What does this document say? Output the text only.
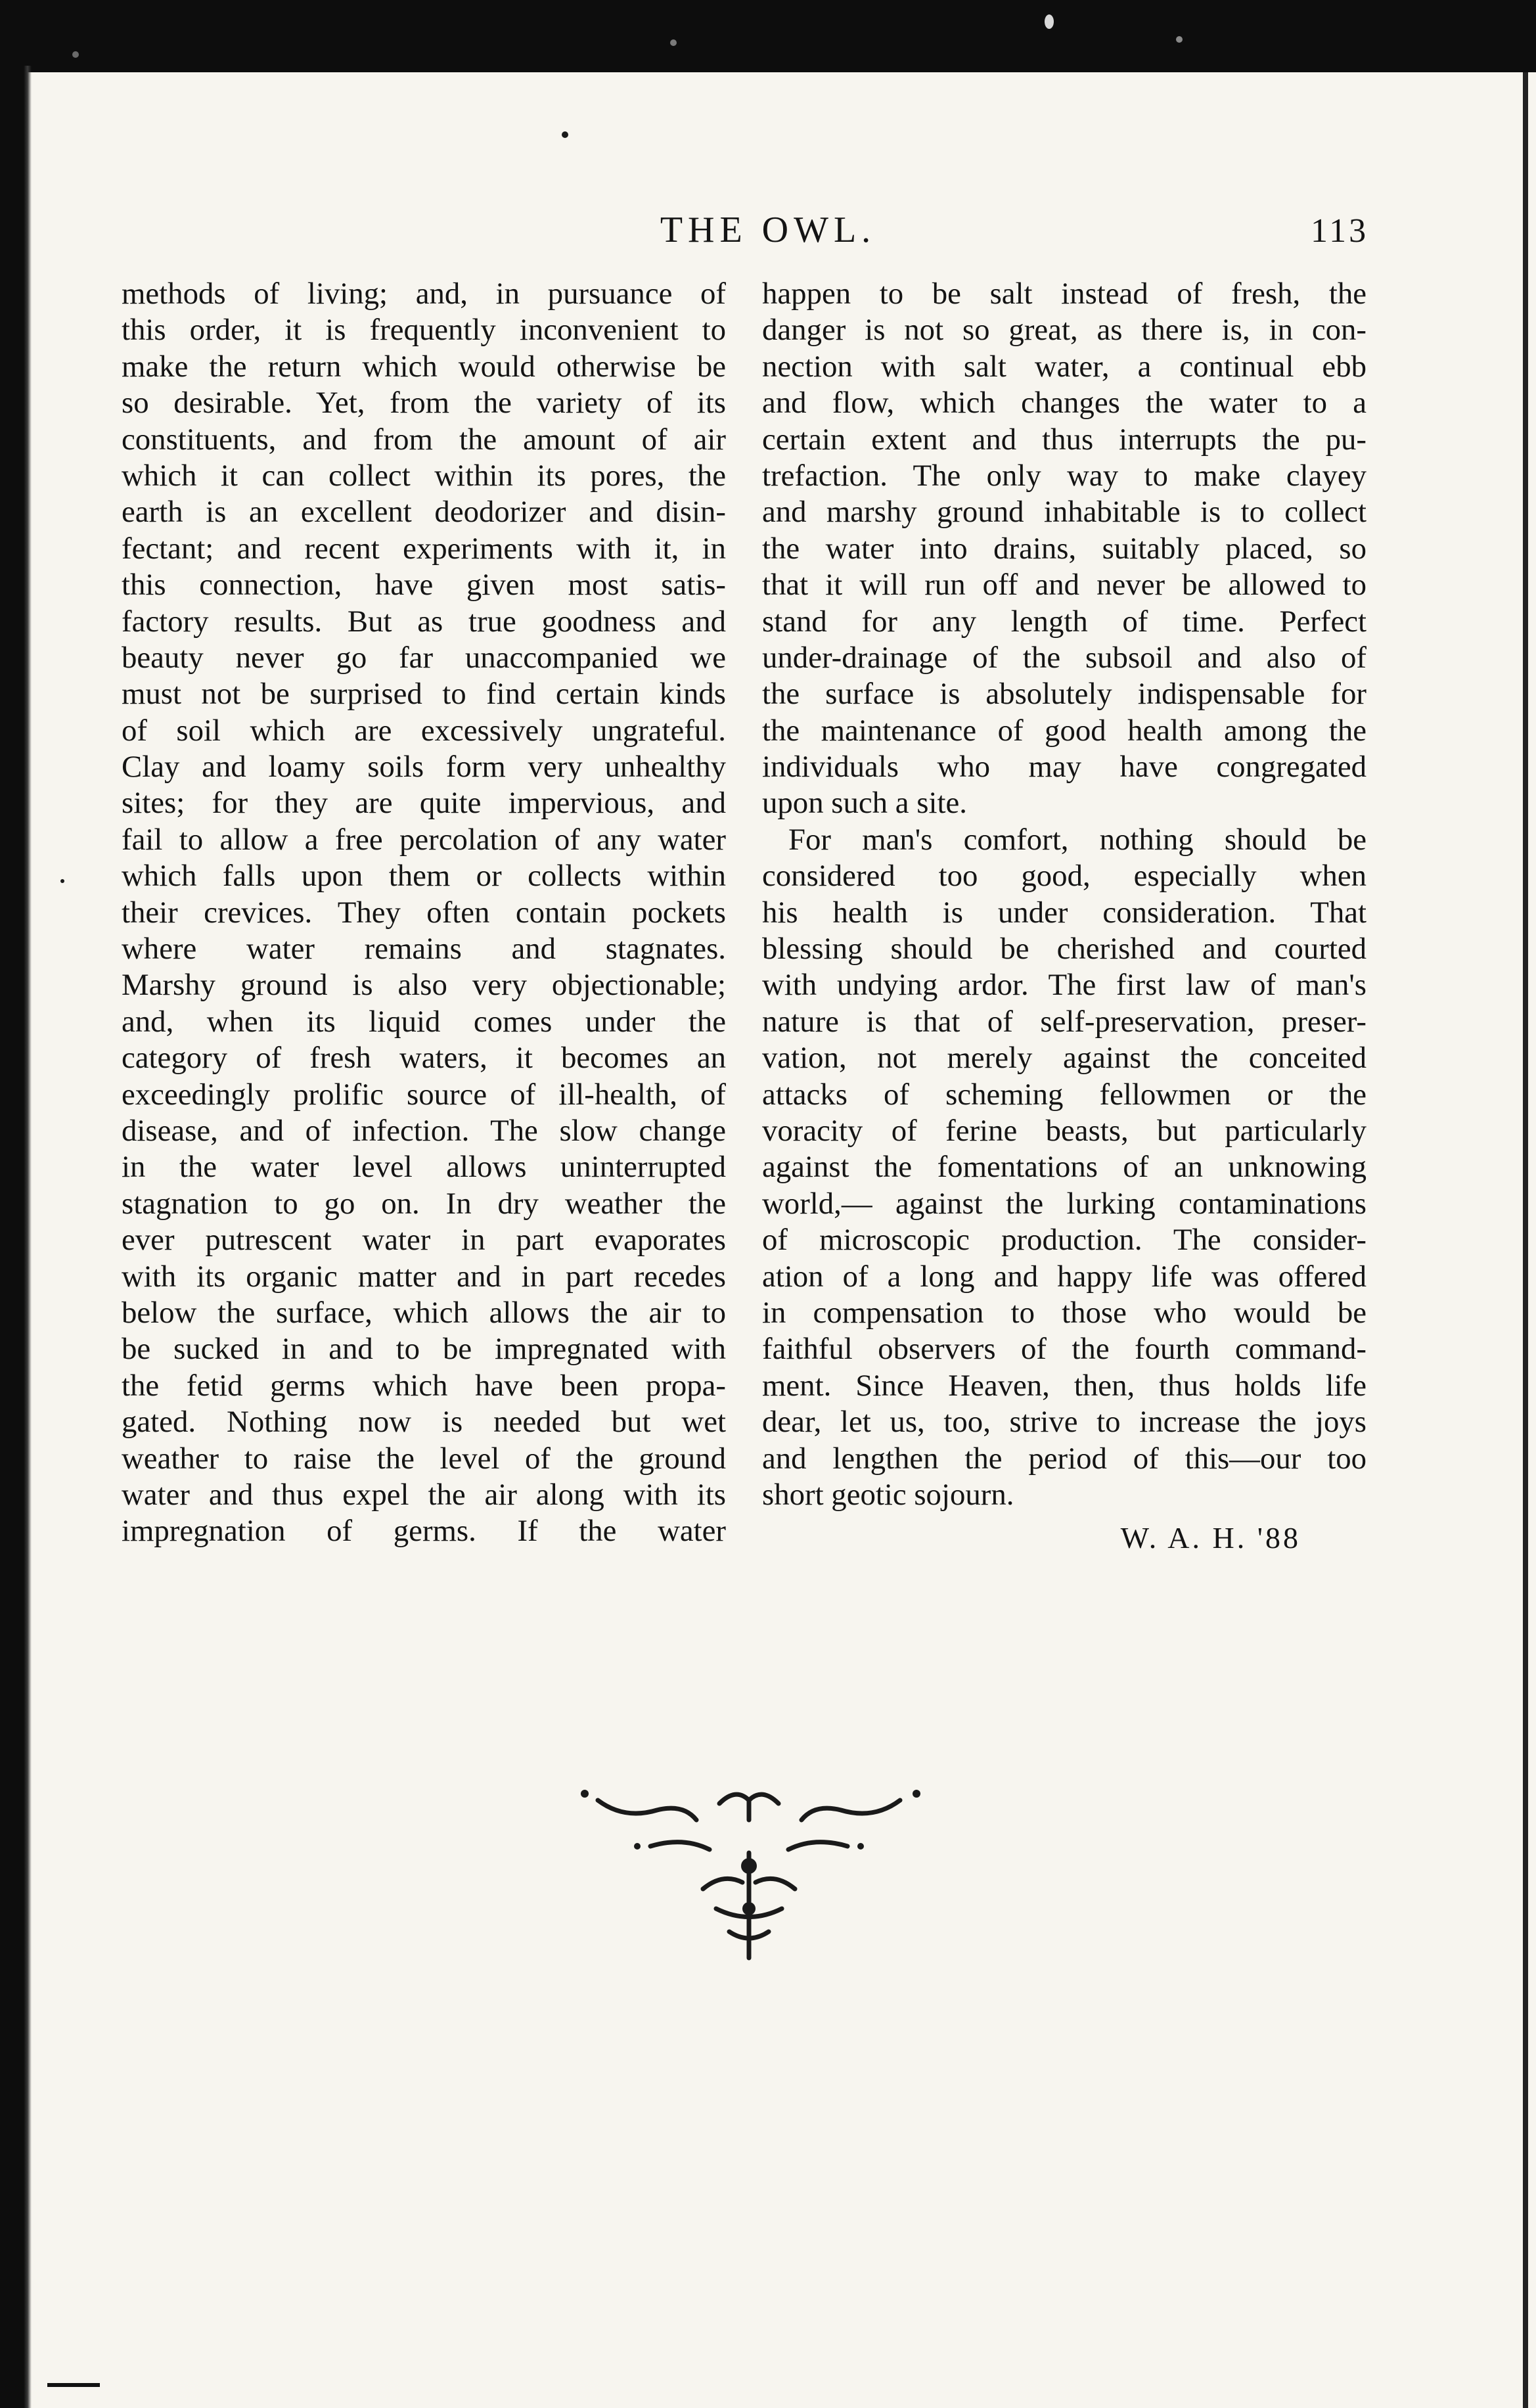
THE OWL.	113
methods of living; and, in pursuance of
this order, it is frequently inconvenient to
make the return which would otherwise be
so desirable. Yet, from the variety of its
constituents, and from the amount of air
which it can collect within its pores, the
earth is an excellent deodorizer and disin-
fectant; and recent experiments with it, in
this connection, have given most satis-
factory results. But as true goodness and
beauty never go far unaccompanied we
must not be surprised to find certain kinds
of soil which are excessively ungrateful.
Clay and loamy soils form very unhealthy
sites; for they are quite impervious, and
fail to allow a free percolation of any water
which falls upon them or collects within
their crevices. They often contain pockets
where water remains and stagnates.
Marshy ground is also very objectionable;
and, when its liquid comes under the
category of fresh waters, it becomes an
exceedingly prolific source of ill-health, of
disease, and of infection. The slow change
in the water level allows uninterrupted
stagnation to go on. In dry weather the
ever putrescent water in part evaporates
with its organic matter and in part recedes
below the surface, which allows the air to
be sucked in and to be impregnated with
the fetid germs which have been propa-
gated. Nothing now is needed but wet
weather to raise the level of the ground
water and thus expel the air along with its
impregnation of germs. If the water
happen to be salt instead of fresh, the
danger is not so great, as there is, in con-
nection with salt water, a continual ebb
and flow, which changes the water to a
certain extent and thus interrupts the pu-
trefaction. The only way to make clayey
and marshy ground inhabitable is to collect
the water into drains, suitably placed, so
that it will run off and never be allowed to
stand for any length of time. Perfect
under-drainage of the subsoil and also of
the surface is absolutely indispensable for
the maintenance of good health among the
individuals who may have congregated
upon such a site.
For man's comfort, nothing should be
considered too good, especially when
his health is under consideration. That
blessing should be cherished and courted
with undying ardor. The first law of man's
nature is that of self-preservation, preser-
vation, not merely against the conceited
attacks of scheming fellowmen or the
voracity of ferine beasts, but particularly
against the fomentations of an unknowing
world,— against the lurking contaminations
of microscopic production. The consider-
ation of a long and happy life was offered
in compensation to those who would be
faithful observers of the fourth command-
ment. Since Heaven, then, thus holds life
dear, let us, too, strive to increase the joys
and lengthen the period of this—our too
short geotic sojourn.
W. A. H. '88
